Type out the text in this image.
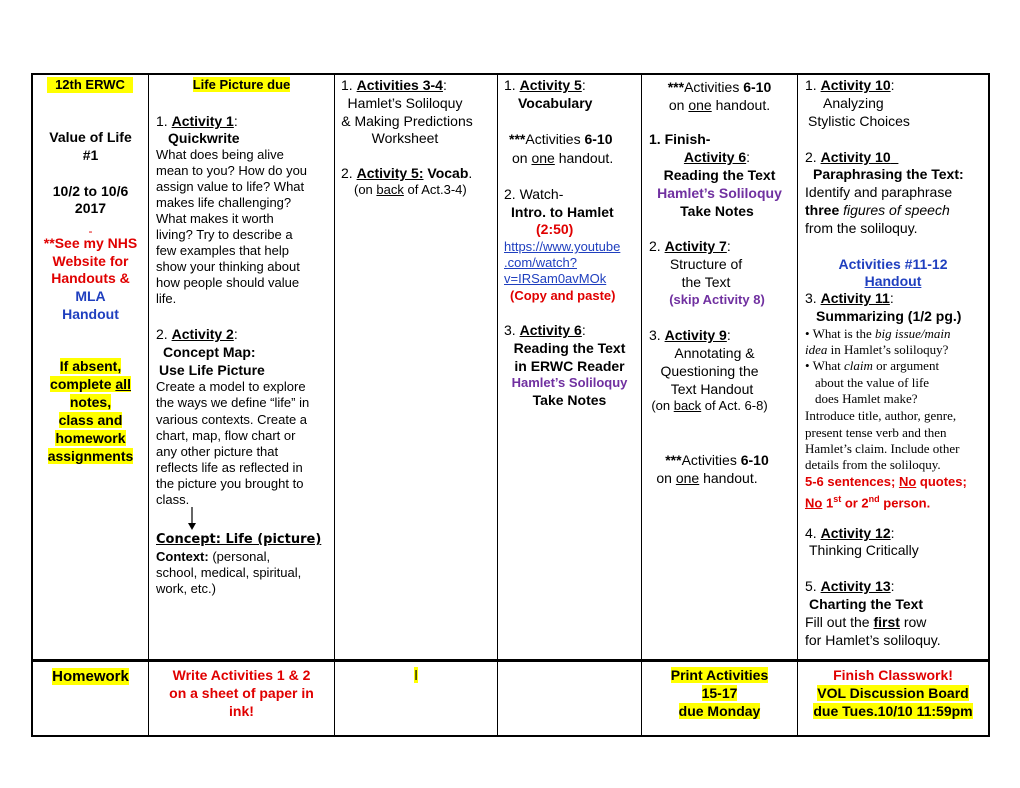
12th ERWC
Value of Life
#1
10/2 to 10/6
2017
-
**See my NHS
Website for
Handouts &
MLA
Handout
If absent,
complete all
notes,
class and
homework
assignments
Life Picture due
1. Activity 1:
Quickwrite
What does being alive
mean to you? How do you
assign value to life? What
makes life challenging?
What makes it worth
living? Try to describe a
few examples that help
show your thinking about
how people should value
life.
2. Activity 2:
Concept Map:
Use Life Picture
Create a model to explore
the ways we define “life” in
various contexts. Create a
chart, map, flow chart or
any other picture that
reflects life as reflected in
the picture you brought to
class.
Concept: Life (picture)
Context: (personal,
school, medical, spiritual,
work, etc.)
1. Activities 3-4:
Hamlet’s Soliloquy
& Making Predictions
Worksheet
2. Activity 5: Vocab.
(on back of Act.3-4)
1. Activity 5:
Vocabulary
***Activities 6-10
on one handout.
2. Watch-
Intro. to Hamlet
(2:50)
https://www.youtube
.com/watch?
v=IRSam0avMOk
(Copy and paste)
3. Activity 6:
Reading the Text
in ERWC Reader
Hamlet’s Soliloquy
Take Notes
***Activities 6-10
on one handout.
1. Finish-
Activity 6:
Reading the Text
Hamlet’s Soliloquy
Take Notes
2. Activity 7:
Structure of
the Text
(skip Activity 8)
3. Activity 9:
Annotating &
Questioning the
Text Handout
(on back of Act. 6-8)
***Activities 6-10
on one handout.
1. Activity 10:
Analyzing
Stylistic Choices
2. Activity 10
Paraphrasing the Text:
Identify and paraphrase
three figures of speech
from the soliloquy.
Activities #11-12
Handout
3. Activity 11:
Summarizing (1/2 pg.)
• What is the big issue/main
idea in Hamlet’s soliloquy?
• What claim or argument
about the value of life
does Hamlet make?
Introduce title, author, genre,
present tense verb and then
Hamlet’s claim. Include other
details from the soliloquy.
5-6 sentences; No quotes;
No 1st or 2nd person.
4. Activity 12:
Thinking Critically
5. Activity 13:
Charting the Text
Fill out the first row
for Hamlet’s soliloquy.
Homework	Write Activities 1 & 2
on a sheet of paper in
ink!
l	Print Activities
15-17
due Monday
Finish Classwork!
VOL Discussion Board
due Tues.10/10 11:59pm
